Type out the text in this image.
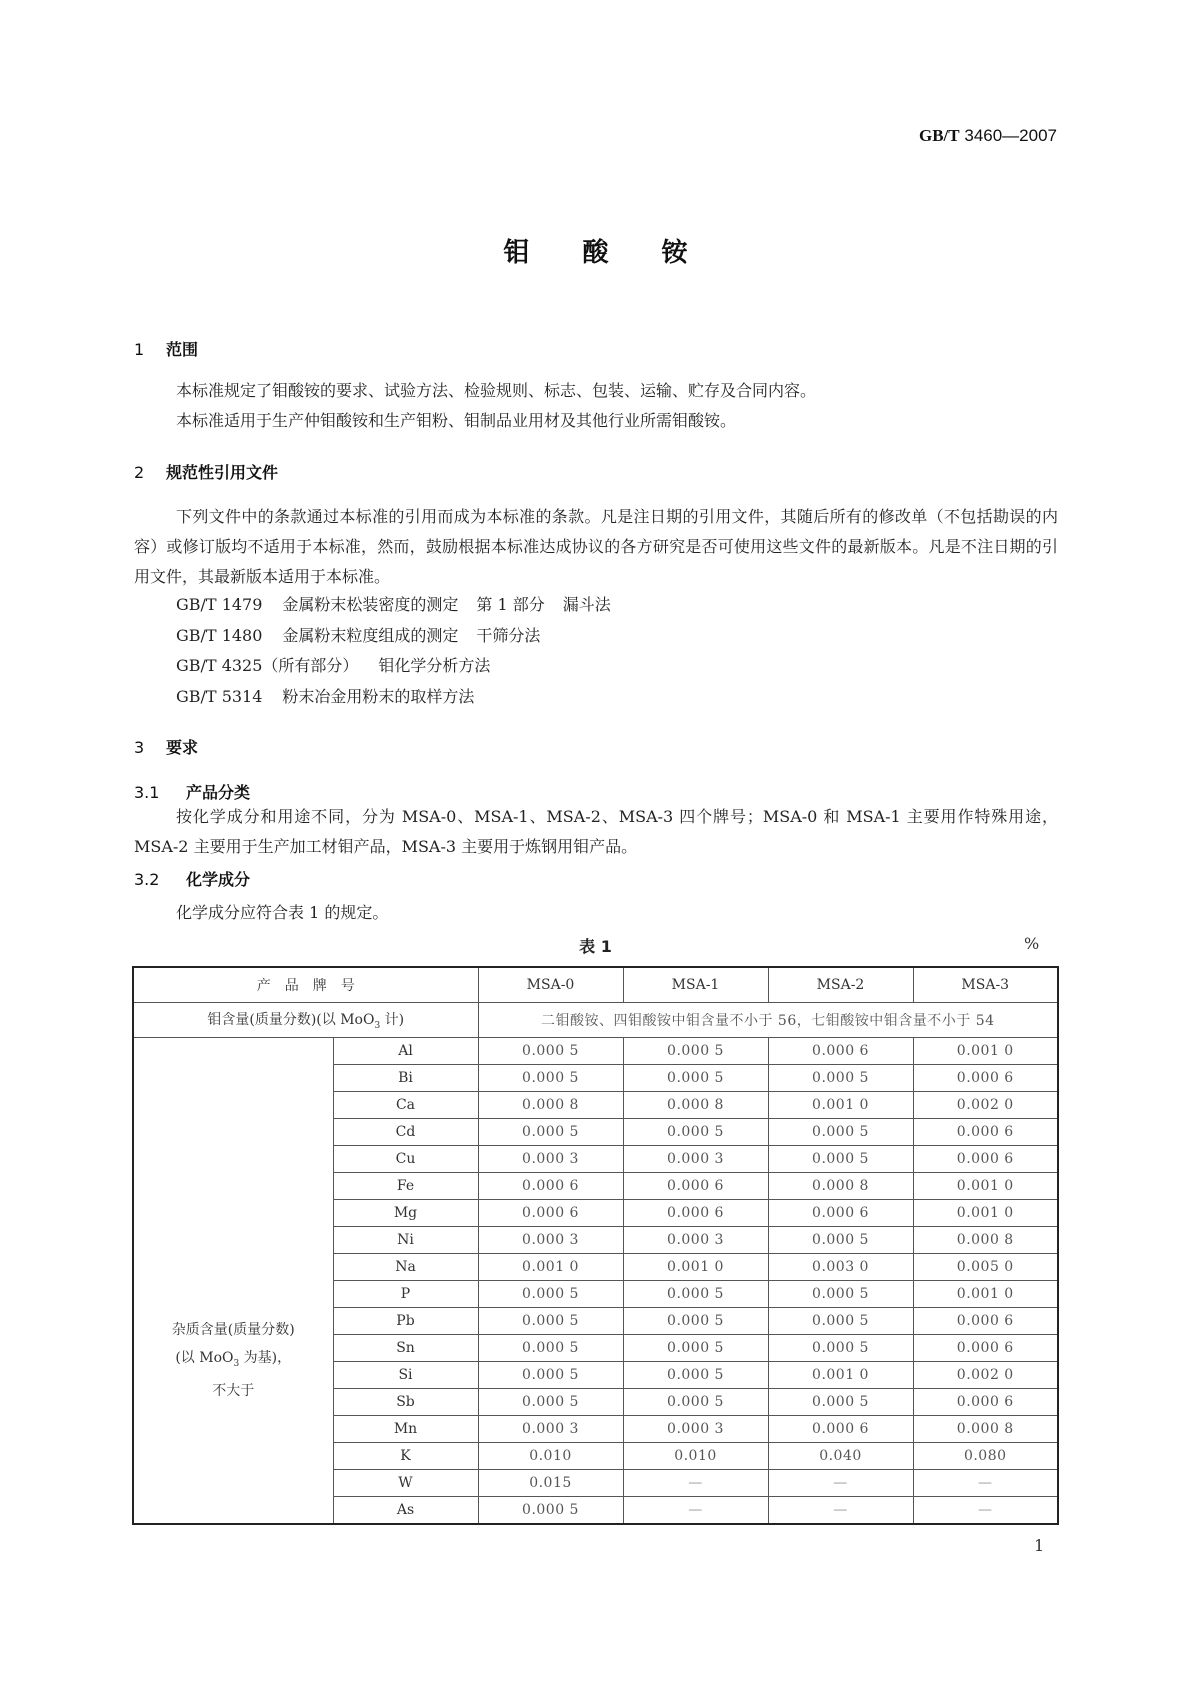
GB/T 3460—2007
钼 酸 铵
1 范围

本标准规定了钼酸铵的要求、试验方法、检验规则、标志、包装、运输、贮存及合同内容。

本标准适用于生产仲钼酸铵和生产钼粉、钼制品业用材及其他行业所需钼酸铵。

2 规范性引用文件

下列文件中的条款通过本标准的引用而成为本标准的条款。凡是注日期的引用文件，其随后所有的修改单（不包括勘误的内容）或修订版均不适用于本标准，然而，鼓励根据本标准达成协议的各方研究是否可使用这些文件的最新版本。凡是不注日期的引用文件，其最新版本适用于本标准。

GB/T 1479 金属粉末松装密度的测定 第 1 部分 漏斗法
GB/T 1480 金属粉末粒度组成的测定 干筛分法
GB/T 4325（所有部分） 钼化学分析方法
GB/T 5314 粉末冶金用粉末的取样方法
3 要求
3.1 产品分类

按化学成分和用途不同，分为 MSA-0、MSA-1、MSA-2、MSA-3 四个牌号；MSA-0 和 MSA-1 主要用作特殊用途，MSA-2 主要用于生产加工材钼产品，MSA-3 主要用于炼钢用钼产品。

3.2 化学成分

化学成分应符合表 1 的规定。

表 1	%
产　品　牌　号		MSA-0	MSA-1	MSA-2	MSA-3
钼含量(质量分数)(以 MoO$_3$ 计)		二钼酸铵、四钼酸铵中钼含量不小于 56，七钼酸铵中钼含量不小于 54			

杂质含量(质量分数)
(以 MoO$_3$ 为基)，
不大于	Al	0.000 5	0.000 5	0.000 6	0.001 0
	Bi	0.000 5	0.000 5	0.000 5	0.000 6
	Ca	0.000 8	0.000 8	0.001 0	0.002 0
	Cd	0.000 5	0.000 5	0.000 5	0.000 6
	Cu	0.000 3	0.000 3	0.000 5	0.000 6
	Fe	0.000 6	0.000 6	0.000 8	0.001 0
	Mg	0.000 6	0.000 6	0.000 6	0.001 0
	Ni	0.000 3	0.000 3	0.000 5	0.000 8
	Na	0.001 0	0.001 0	0.003 0	0.005 0
	P	0.000 5	0.000 5	0.000 5	0.001 0
	Pb	0.000 5	0.000 5	0.000 5	0.000 6
	Sn	0.000 5	0.000 5	0.000 5	0.000 6
	Si	0.000 5	0.000 5	0.001 0	0.002 0
	Sb	0.000 5	0.000 5	0.000 5	0.000 6
	Mn	0.000 3	0.000 3	0.000 6	0.000 8
	K	0.010	0.010	0.040	0.080
	W	0.015	—	—	—
	As	0.000 5	—	—	—
1
